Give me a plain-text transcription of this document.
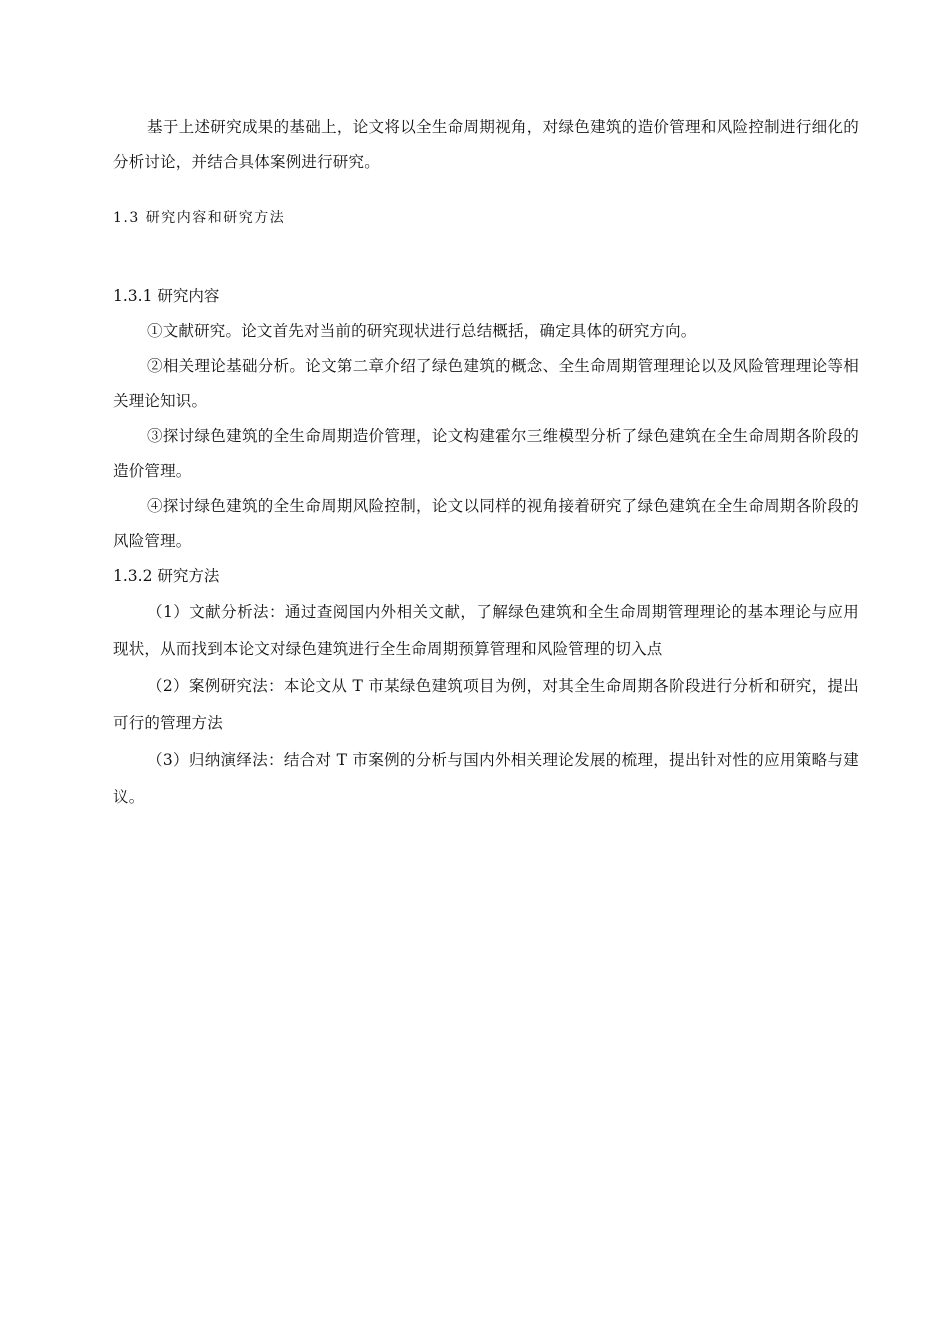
基于上述研究成果的基础上，论文将以全生命周期视角，对绿色建筑的造价管理和风险控制进行细化的分析讨论，并结合具体案例进行研究。

1.3 研究内容和研究方法
1.3.1 研究内容

①文献研究。论文首先对当前的研究现状进行总结概括，确定具体的研究方向。

②相关理论基础分析。论文第二章介绍了绿色建筑的概念、全生命周期管理理论以及风险管理理论等相关理论知识。

③探讨绿色建筑的全生命周期造价管理，论文构建霍尔三维模型分析了绿色建筑在全生命周期各阶段的造价管理。

④探讨绿色建筑的全生命周期风险控制，论文以同样的视角接着研究了绿色建筑在全生命周期各阶段的风险管理。

1.3.2 研究方法

（1）文献分析法：通过查阅国内外相关文献，了解绿色建筑和全生命周期管理理论的基本理论与应用现状，从而找到本论文对绿色建筑进行全生命周期预算管理和风险管理的切入点

（2）案例研究法：本论文从 T 市某绿色建筑项目为例，对其全生命周期各阶段进行分析和研究，提出可行的管理方法

（3）归纳演绎法：结合对 T 市案例的分析与国内外相关理论发展的梳理，提出针对性的应用策略与建议。
